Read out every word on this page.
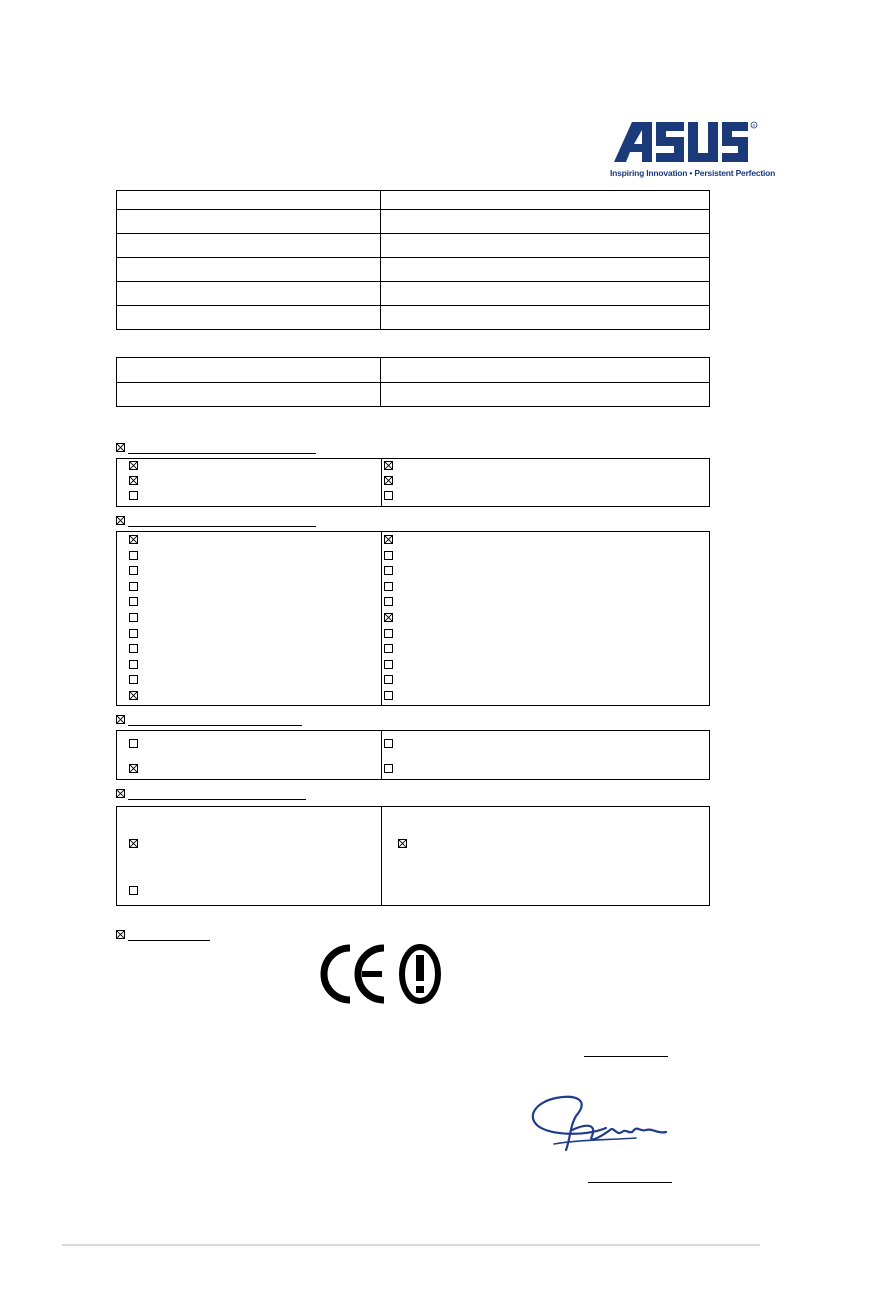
R
Inspiring Innovation • Persistent Perfection
